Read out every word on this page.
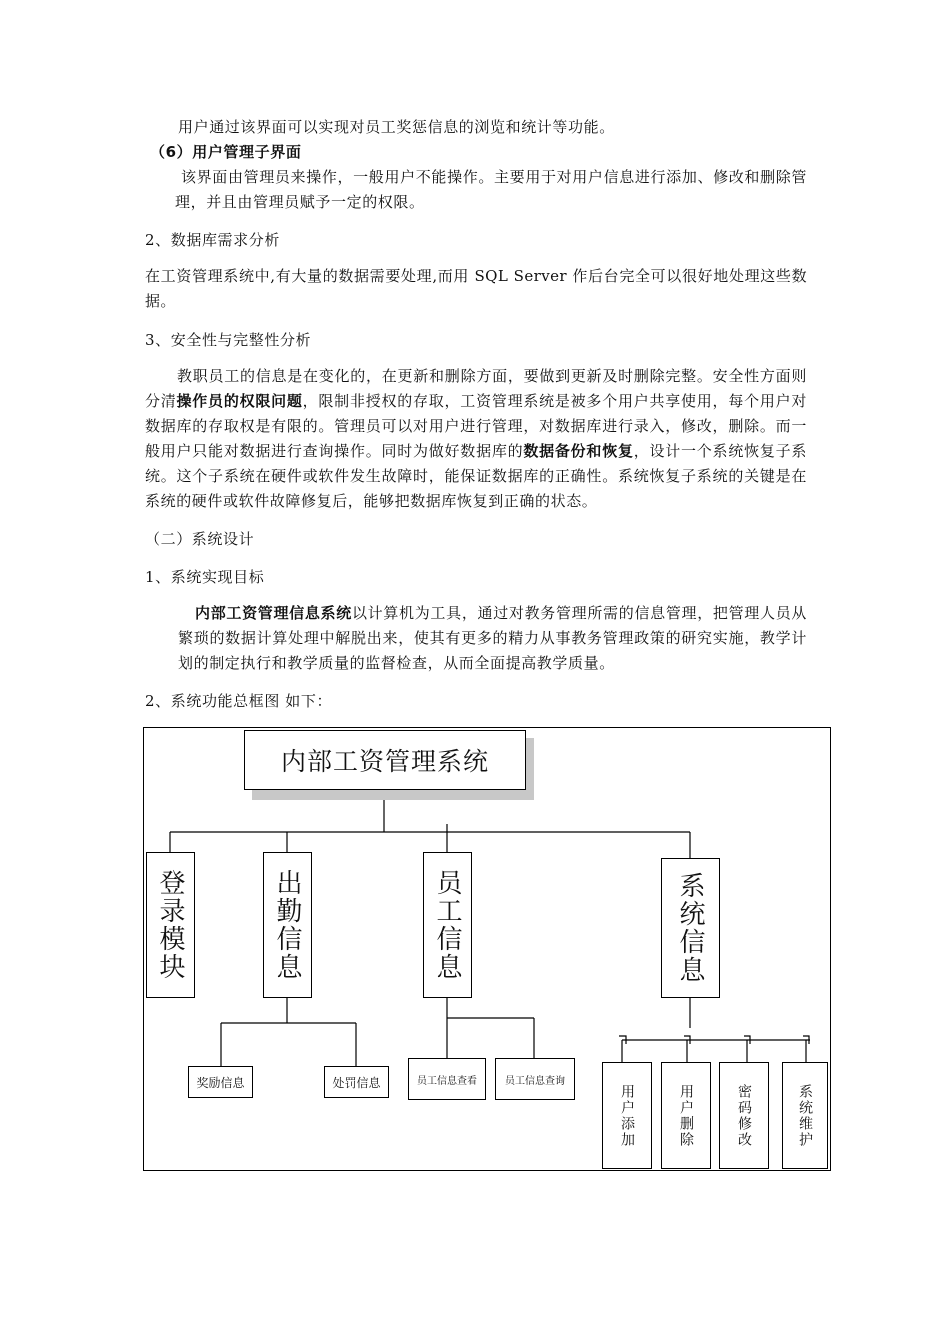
用户通过该界面可以实现对员工奖惩信息的浏览和统计等功能。
（6）用户管理子界面
该界面由管理员来操作，一般用户不能操作。主要用于对用户信息进行添加、修改和删除管理，并且由管理员赋予一定的权限。
2、数据库需求分析
在工资管理系统中,有大量的数据需要处理,而用 SQL Server 作后台完全可以很好地处理这些数据。
3、安全性与完整性分析
教职员工的信息是在变化的，在更新和删除方面，要做到更新及时删除完整。安全性方面则分清操作员的权限问题，限制非授权的存取，工资管理系统是被多个用户共享使用，每个用户对数据库的存取权是有限的。管理员可以对用户进行管理，对数据库进行录入，修改，删除。而一般用户只能对数据进行查询操作。同时为做好数据库的数据备份和恢复，设计一个系统恢复子系统。这个子系统在硬件或软件发生故障时，能保证数据库的正确性。系统恢复子系统的关键是在系统的硬件或软件故障修复后，能够把数据库恢复到正确的状态。
（二）系统设计
1、系统实现目标
内部工资管理信息系统以计算机为工具，通过对教务管理所需的信息管理，把管理人员从繁琐的数据计算处理中解脱出来，使其有更多的精力从事教务管理政策的研究实施，教学计划的制定执行和教学质量的监督检查，从而全面提高教学质量。
2、系统功能总框图 如下：
内部工资管理系统
登录模块	出勤信息	员工信息	系统信息
奖励信息	处罚信息	员工信息查看	员工信息查询
用户添加	用户删除	密码修改	系统维护
